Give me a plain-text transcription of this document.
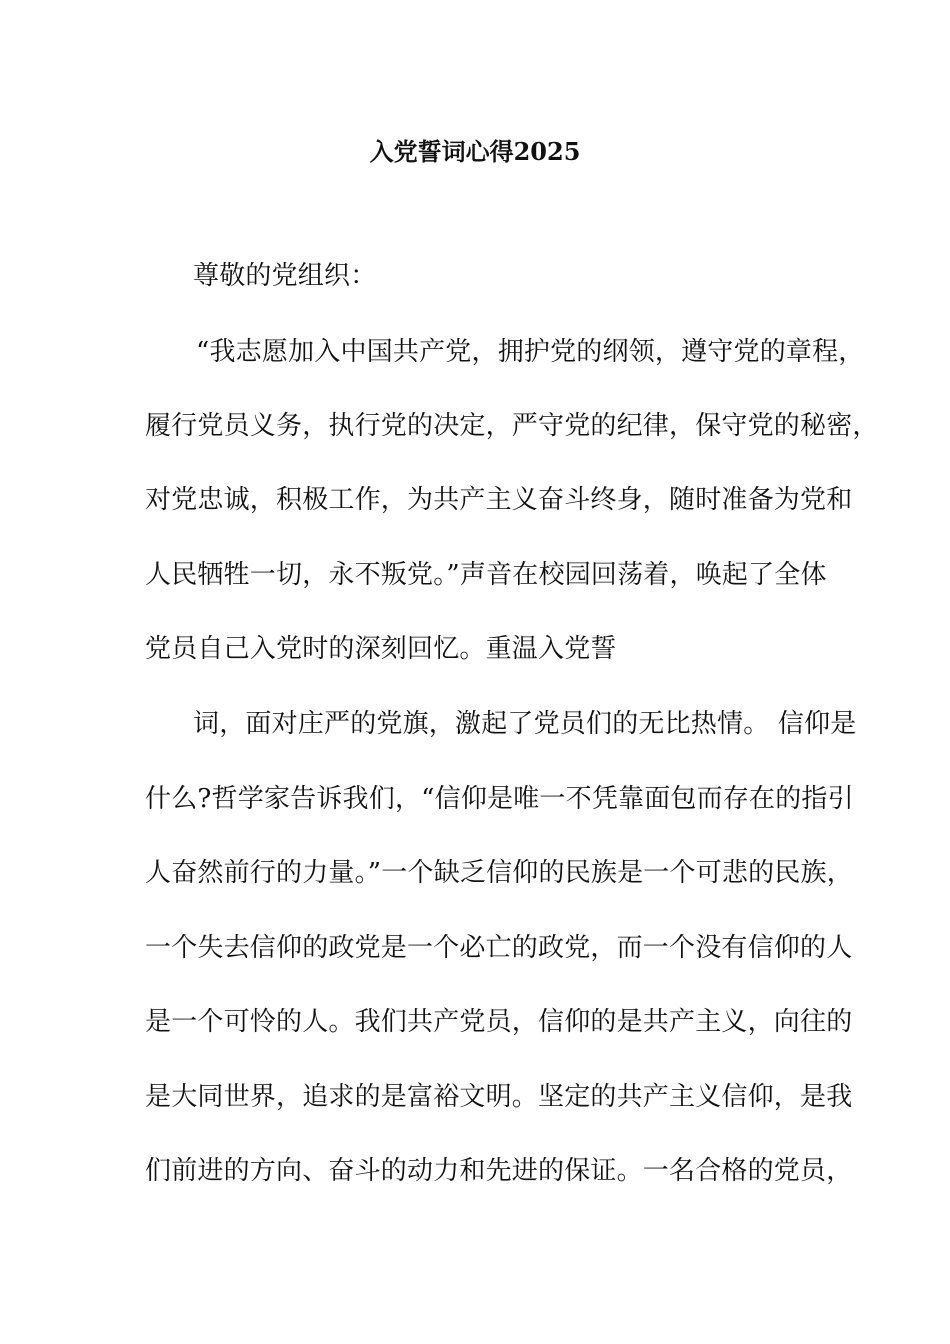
入党誓词心得2025
尊敬的党组织：
“我志愿加入中国共产党，拥护党的纲领，遵守党的章程，
履行党员义务，执行党的决定，严守党的纪律，保守党的秘密，
对党忠诚，积极工作，为共产主义奋斗终身，随时准备为党和
人民牺牲一切，永不叛党。”声音在校园回荡着，唤起了全体
党员自己入党时的深刻回忆。重温入党誓
词，面对庄严的党旗，激起了党员们的无比热情。 信仰是
什么?哲学家告诉我们，“信仰是唯一不凭靠面包而存在的指引
人奋然前行的力量。”一个缺乏信仰的民族是一个可悲的民族，
一个失去信仰的政党是一个必亡的政党，而一个没有信仰的人
是一个可怜的人。我们共产党员，信仰的是共产主义，向往的
是大同世界，追求的是富裕文明。坚定的共产主义信仰，是我
们前进的方向、奋斗的动力和先进的保证。一名合格的党员，
